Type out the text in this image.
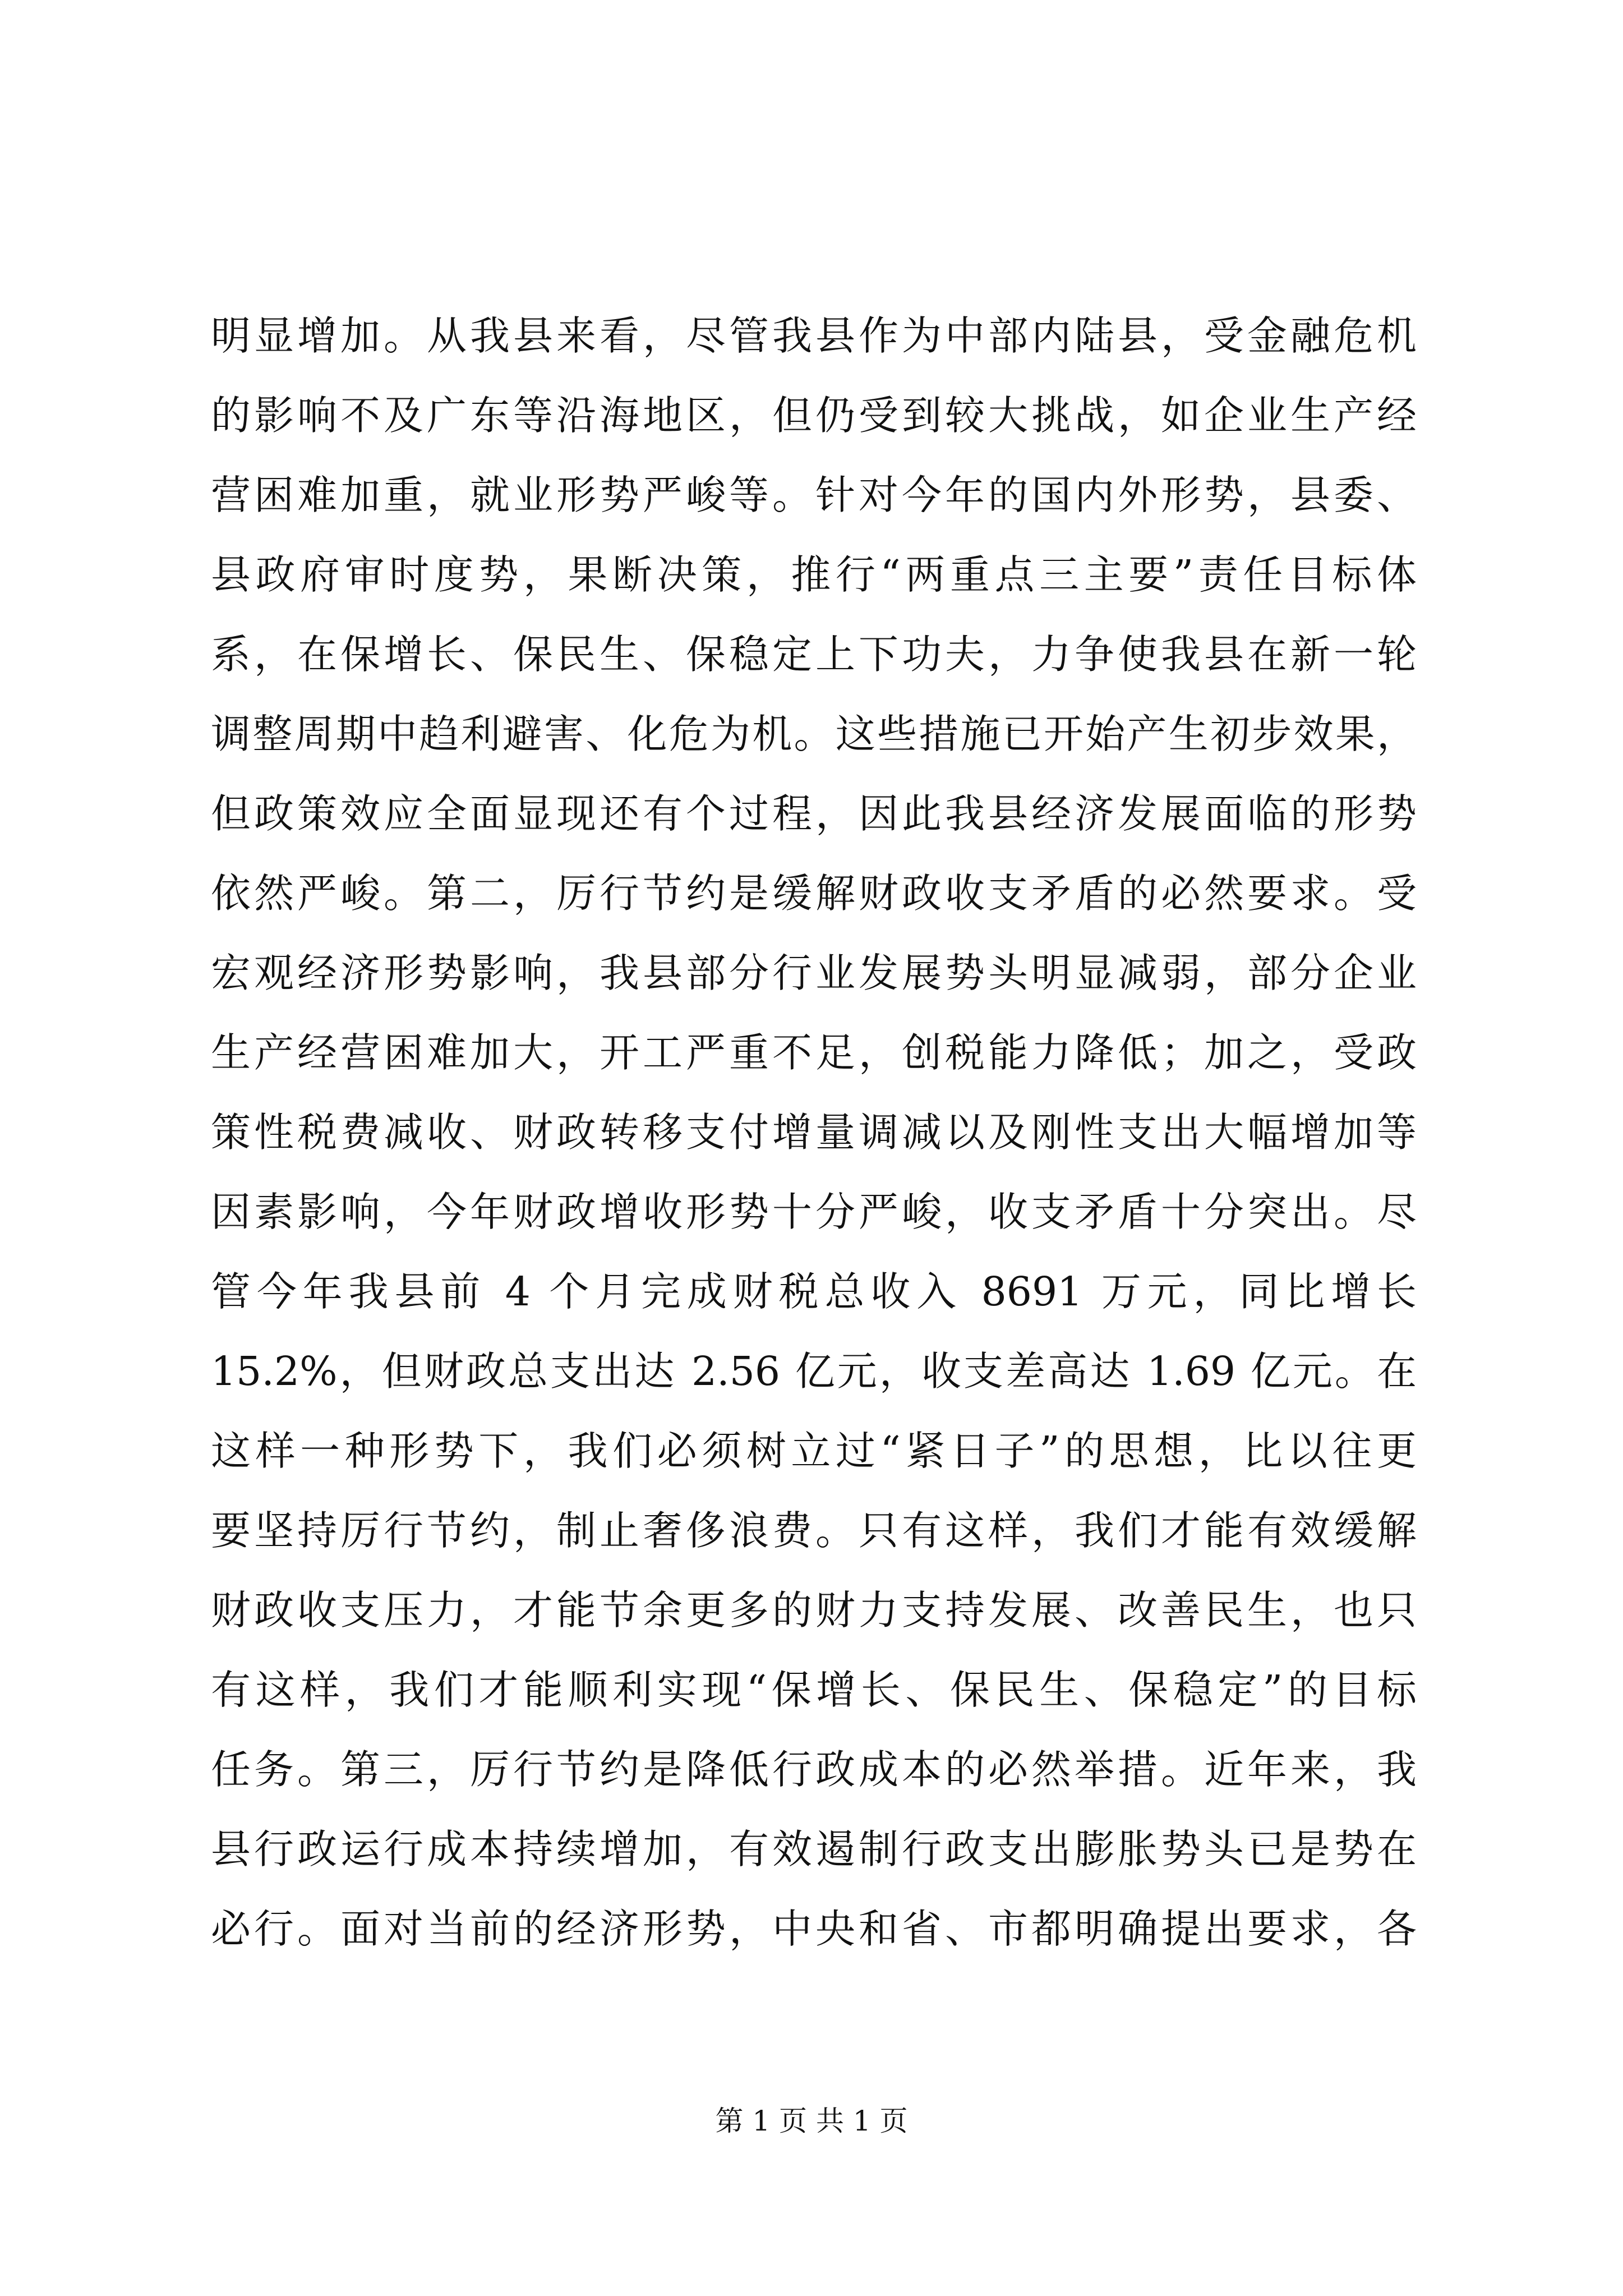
明显增加。从我县来看，尽管我县作为中部内陆县，受金融危机
的影响不及广东等沿海地区，但仍受到较大挑战，如企业生产经
营困难加重，就业形势严峻等。针对今年的国内外形势，县委、
县政府审时度势，果断决策，推行“两重点三主要”责任目标体
系，在保增长、保民生、保稳定上下功夫，力争使我县在新一轮
调整周期中趋利避害、化危为机。这些措施已开始产生初步效果，
但政策效应全面显现还有个过程，因此我县经济发展面临的形势
依然严峻。第二，厉行节约是缓解财政收支矛盾的必然要求。受
宏观经济形势影响，我县部分行业发展势头明显减弱，部分企业
生产经营困难加大，开工严重不足，创税能力降低；加之，受政
策性税费减收、财政转移支付增量调减以及刚性支出大幅增加等
因素影响，今年财政增收形势十分严峻，收支矛盾十分突出。尽
管今年我县前 4 个月完成财税总收入 8691 万元，同比增长
15.2%，但财政总支出达 2.56 亿元，收支差高达 1.69 亿元。在
这样一种形势下，我们必须树立过“紧日子”的思想，比以往更
要坚持厉行节约，制止奢侈浪费。只有这样，我们才能有效缓解
财政收支压力，才能节余更多的财力支持发展、改善民生，也只
有这样，我们才能顺利实现“保增长、保民生、保稳定”的目标
任务。第三，厉行节约是降低行政成本的必然举措。近年来，我
县行政运行成本持续增加，有效遏制行政支出膨胀势头已是势在
必行。面对当前的经济形势，中央和省、市都明确提出要求，各
第 1 页 共 1 页
